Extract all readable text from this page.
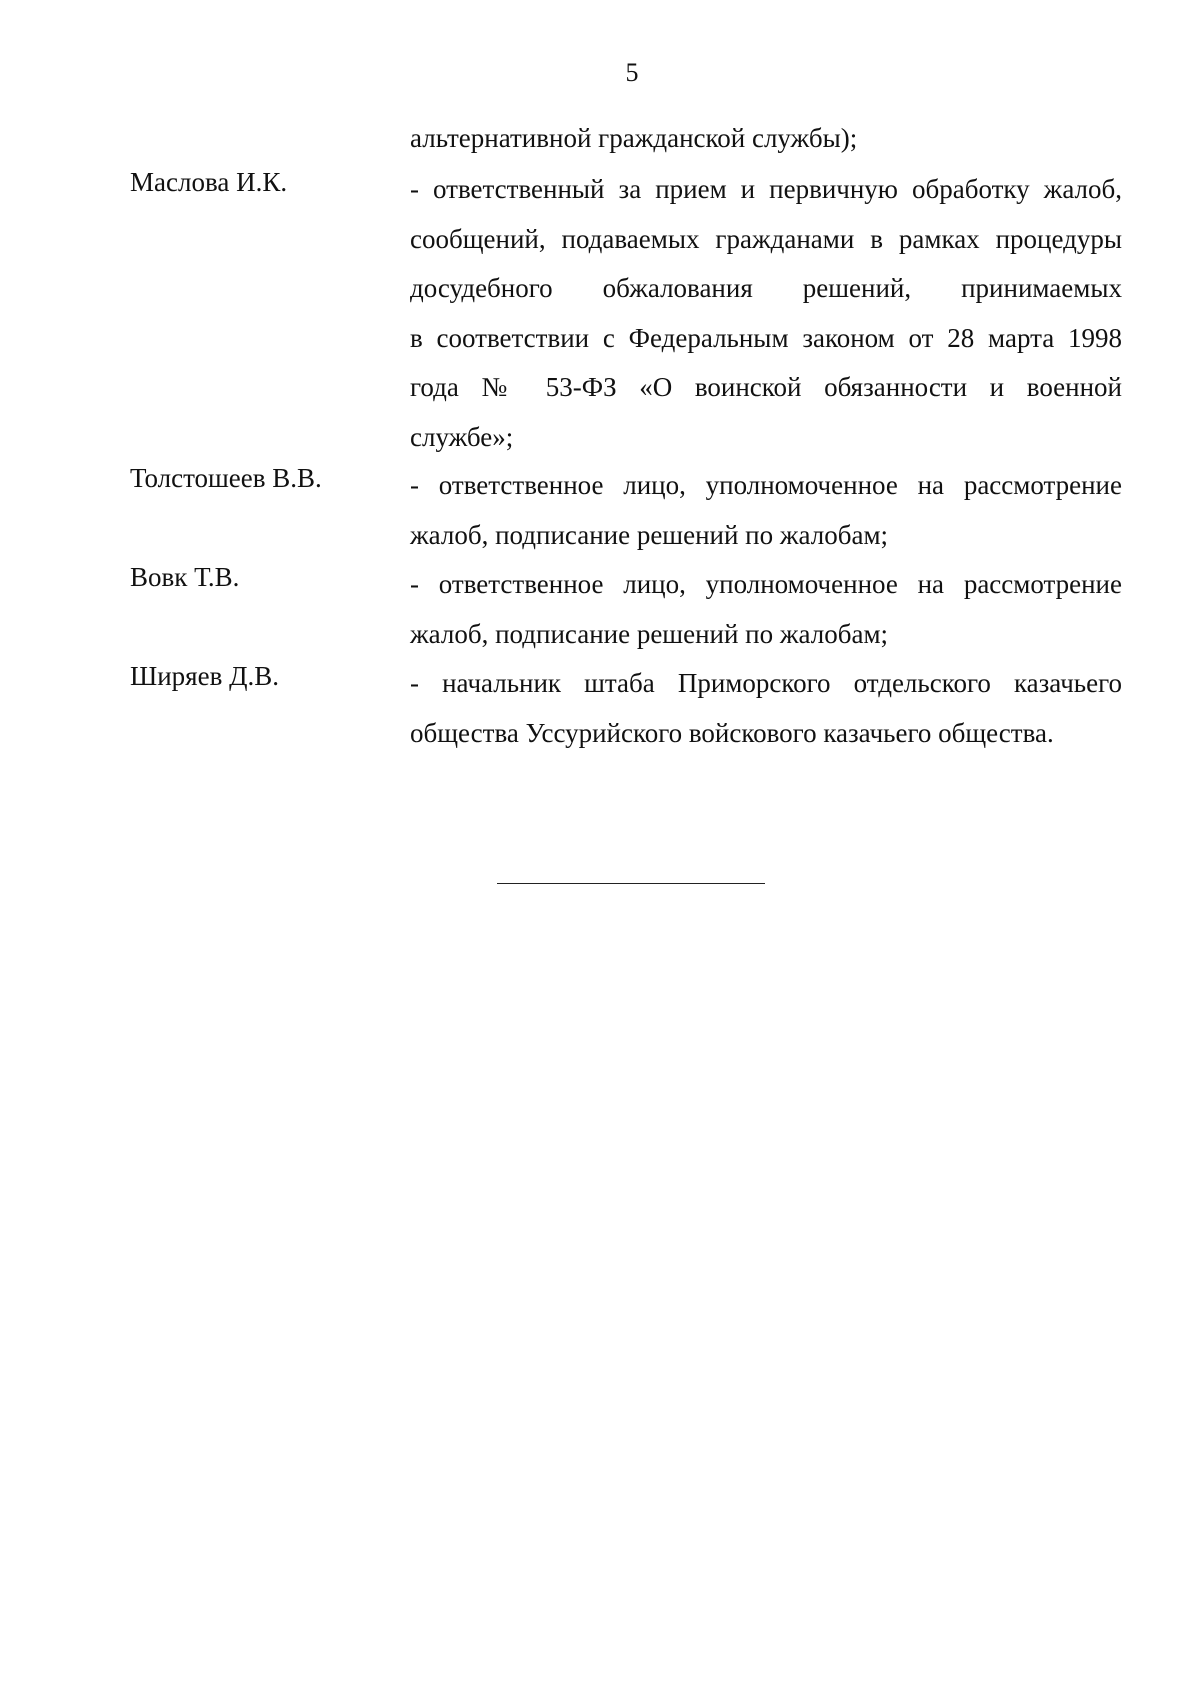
5
альтернативной гражданской службы);
Маслова И.К.	- ответственный за прием и первичную обработку жалоб,
сообщений, подаваемых гражданами в рамках процедуры
досудебного обжалования решений, принимаемых
в соответствии с Федеральным законом от 28 марта 1998
года № 53-ФЗ «О воинской обязанности и военной
службе»;
Толстошеев В.В.	- ответственное лицо, уполномоченное на рассмотрение
жалоб, подписание решений по жалобам;
Вовк Т.В.	- ответственное лицо, уполномоченное на рассмотрение
жалоб, подписание решений по жалобам;
Ширяев Д.В.	- начальник штаба Приморского отдельского казачьего
общества Уссурийского войскового казачьего общества.
